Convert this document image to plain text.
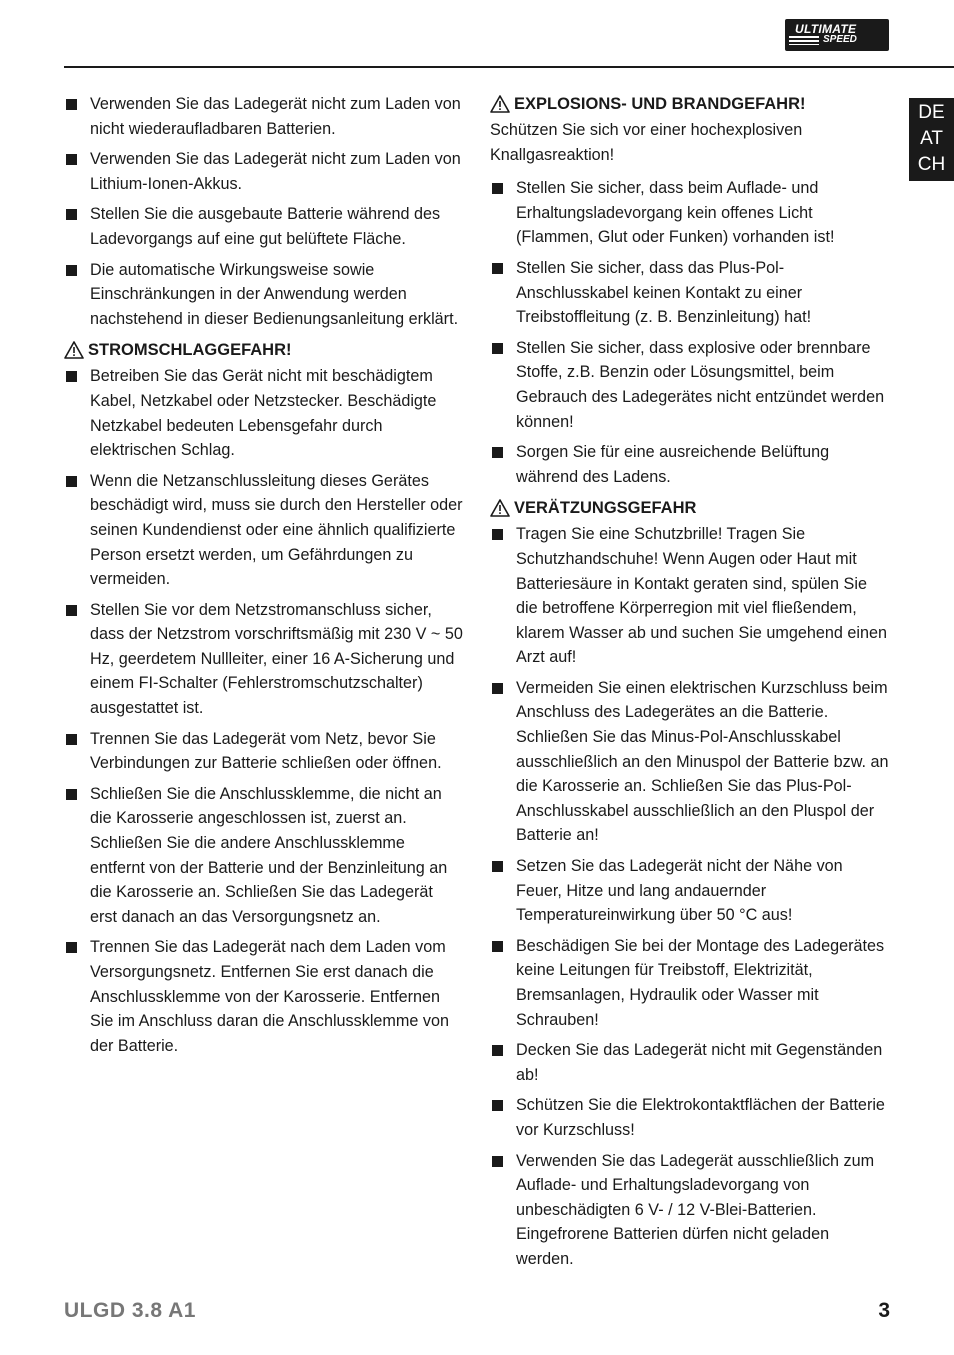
ULTIMATE
SPEED
DE
AT
CH
Verwenden Sie das Ladegerät nicht zum Laden von nicht wiederaufladbaren Batterien.
Verwenden Sie das Ladegerät nicht zum Laden von Lithium-Ionen-Akkus.
Stellen Sie die ausgebaute Batterie während des Ladevorgangs auf eine gut belüftete Fläche.
Die automatische Wirkungsweise sowie Einschränkungen in der Anwendung werden nachstehend in dieser Bedienungsanleitung erklärt.
STROMSCHLAGGEFAHR!
Betreiben Sie das Gerät nicht mit beschädigtem Kabel, Netzkabel oder Netzstecker. Beschädigte Netzkabel bedeuten Lebensgefahr durch elektrischen Schlag.
Wenn die Netzanschlussleitung dieses Gerätes beschädigt wird, muss sie durch den Hersteller oder seinen Kundendienst oder eine ähnlich qualifizierte Person ersetzt werden, um Gefährdungen zu vermeiden.
Stellen Sie vor dem Netzstromanschluss sicher, dass der Netzstrom vorschriftsmäßig mit 230 V ~ 50 Hz, geerdetem Nullleiter, einer 16 A-Sicherung und einem FI-Schalter (Fehlerstromschutzschalter) ausgestattet ist.
Trennen Sie das Ladegerät vom Netz, bevor Sie Verbindungen zur Batterie schließen oder öffnen.
Schließen Sie die Anschlussklemme, die nicht an die Karosserie angeschlossen ist, zuerst an. Schließen Sie die andere Anschlussklemme entfernt von der Batterie und der Benzinleitung an die Karosserie an. Schließen Sie das Ladegerät erst danach an das Versorgungsnetz an.
Trennen Sie das Ladegerät nach dem Laden vom Versorgungsnetz. Entfernen Sie erst danach die Anschlussklemme von der Karosserie. Entfernen Sie im Anschluss daran die Anschlussklemme von der Batterie.
EXPLOSIONS- UND BRANDGEFAHR!
Schützen Sie sich vor einer hochexplosiven Knallgasreaktion!
Stellen Sie sicher, dass beim Auflade- und Erhaltungsladevorgang kein offenes Licht (Flammen, Glut oder Funken) vorhanden ist!
Stellen Sie sicher, dass das Plus-Pol-Anschlusskabel keinen Kontakt zu einer Treibstoffleitung (z. B. Benzinleitung) hat!
Stellen Sie sicher, dass explosive oder brennbare Stoffe, z.B. Benzin oder Lösungsmittel, beim Gebrauch des Ladegerätes nicht entzündet werden können!
Sorgen Sie für eine ausreichende Belüftung während des Ladens.
VERÄTZUNGSGEFAHR
Tragen Sie eine Schutzbrille! Tragen Sie Schutzhandschuhe! Wenn Augen oder Haut mit Batteriesäure in Kontakt geraten sind, spülen Sie die betroffene Körperregion mit viel fließendem, klarem Wasser ab und suchen Sie umgehend einen Arzt auf!
Vermeiden Sie einen elektrischen Kurzschluss beim Anschluss des Ladegerätes an die Batterie. Schließen Sie das Minus-Pol-Anschlusskabel ausschließlich an den Minuspol der Batterie bzw. an die Karosserie an. Schließen Sie das Plus-Pol-Anschlusskabel ausschließlich an den Pluspol der Batterie an!
Setzen Sie das Ladegerät nicht der Nähe von Feuer, Hitze und lang andauernder Temperatureinwirkung über 50 °C aus!
Beschädigen Sie bei der Montage des Ladegerätes keine Leitungen für Treibstoff, Elektrizität, Bremsanlagen, Hydraulik oder Wasser mit Schrauben!
Decken Sie das Ladegerät nicht mit Gegenständen ab!
Schützen Sie die Elektrokontaktflächen der Batterie vor Kurzschluss!
Verwenden Sie das Ladegerät ausschließlich zum Auflade- und Erhaltungsladevorgang von unbeschädigten 6 V- / 12 V-Blei-Batterien. Eingefrorene Batterien dürfen nicht geladen werden.
ULGD 3.8 A1	3
